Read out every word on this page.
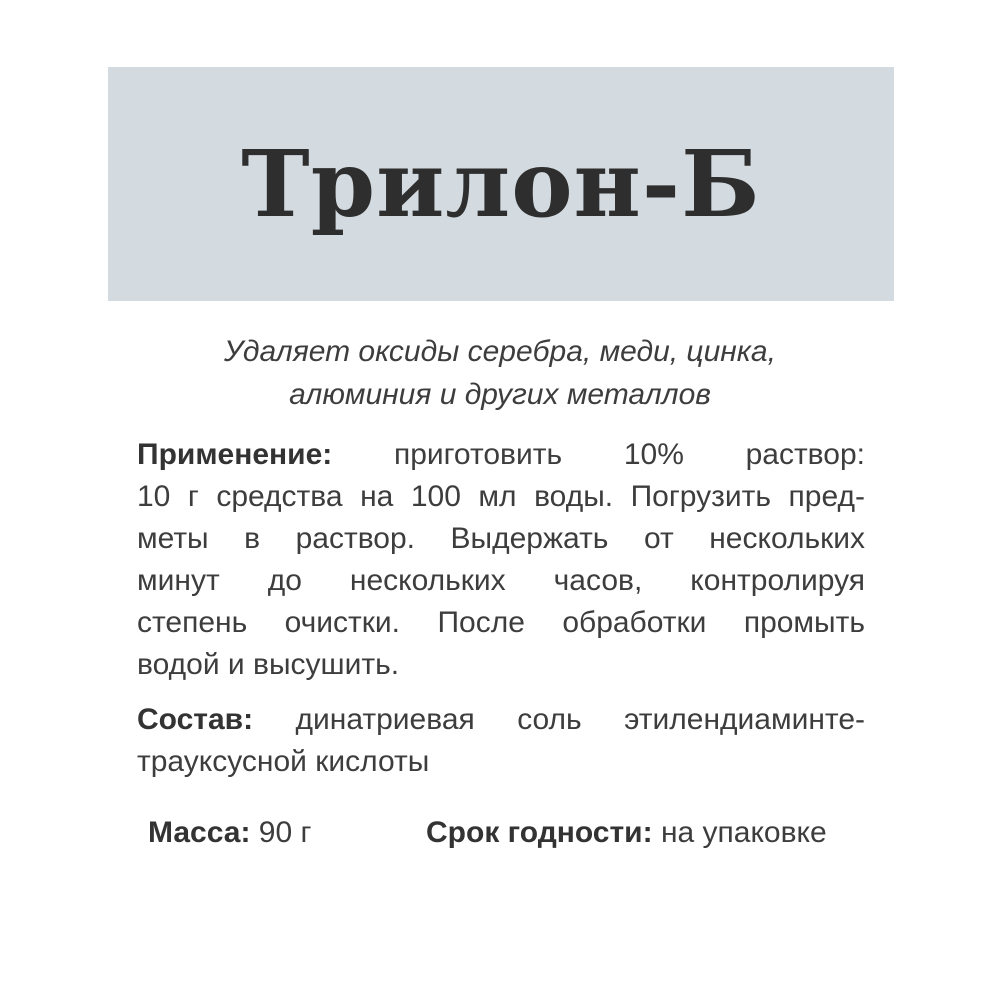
Трилон-Б

Удаляет оксиды серебра, меди, цинка,
алюминия и других металлов

Применение: приготовить 10% раствор:
10 г средства на 100 мл воды. Погрузить пред-
меты в раствор. Выдержать от нескольких
минут до нескольких часов, контролируя
степень очистки. После обработки промыть
водой и высушить.
Состав: динатриевая соль этилендиаминте-
трауксусной кислоты
Масса: 90 г	Срок годности: на упаковке
